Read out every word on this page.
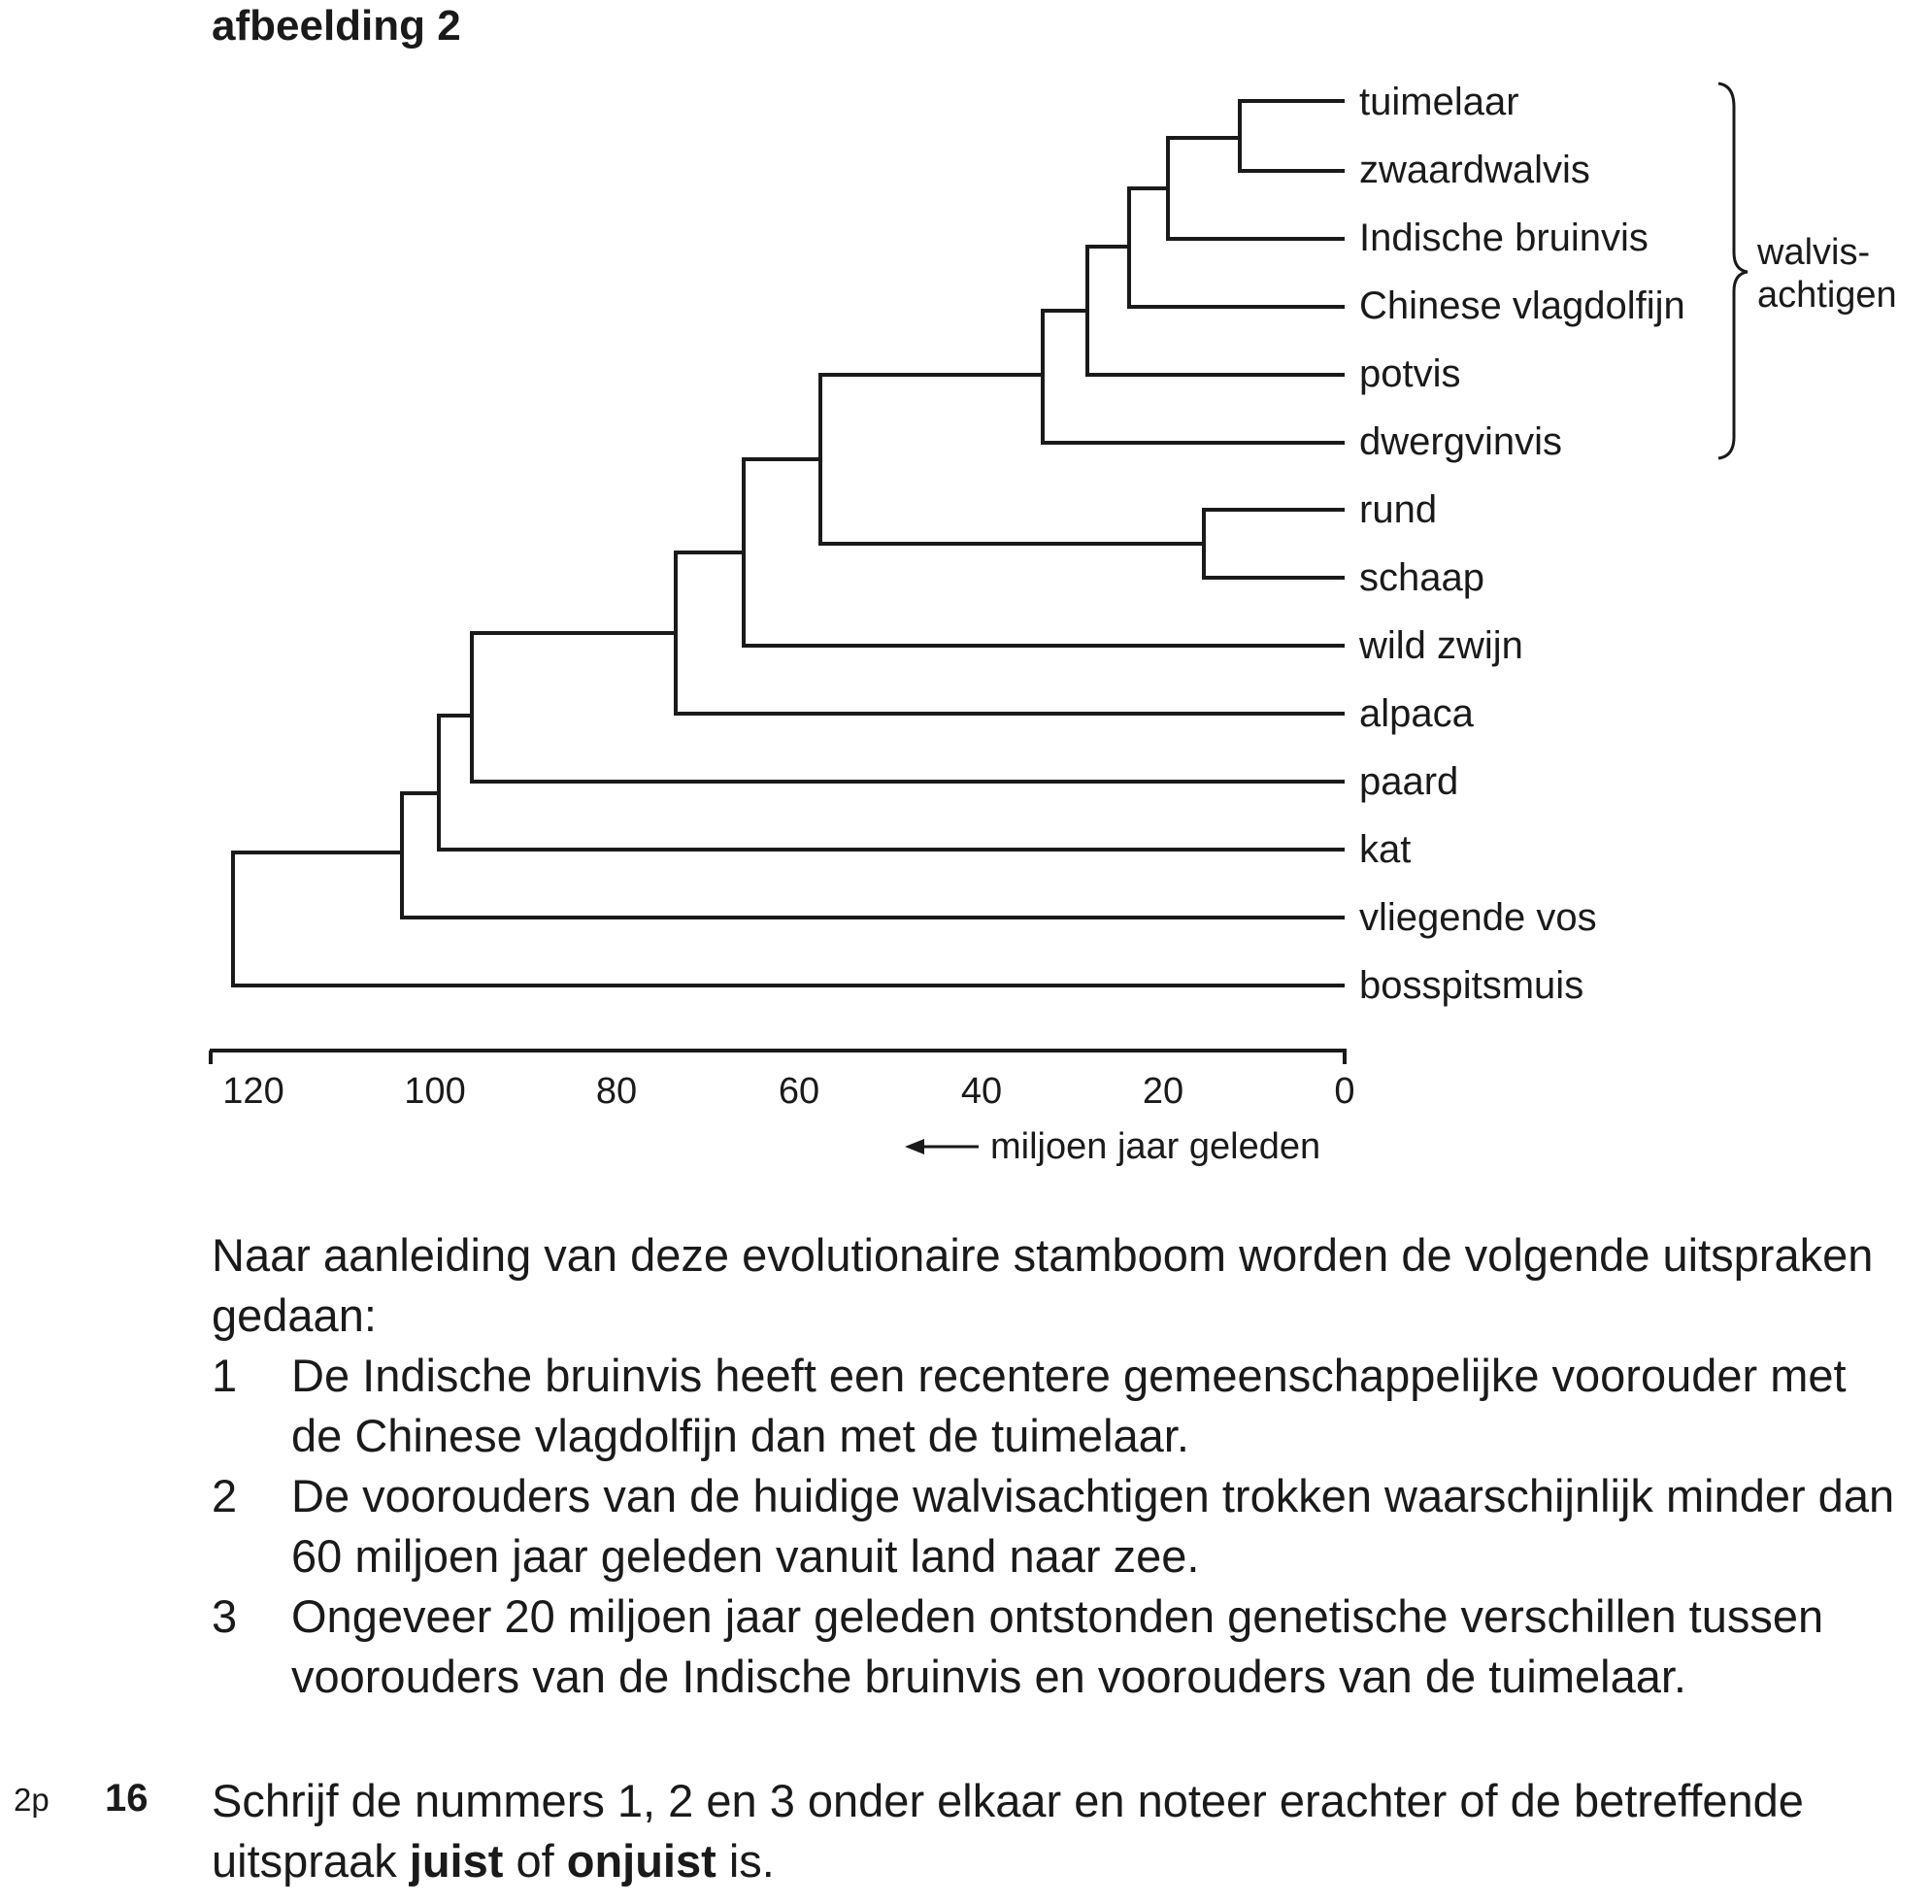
afbeelding 2
tuimelaar
zwaardwalvis
Indische bruinvis
Chinese vlagdolfijn
potvis
dwergvinvis
rund
schaap
wild zwijn
alpaca
paard
kat
vliegende vos
bosspitsmuis
walvis-
achtigen
120	100	80	60	40	20	0
miljoen jaar geleden

Naar aanleiding van deze evolutionaire stamboom worden de volgende uitspraken gedaan:

1 De Indische bruinvis heeft een recentere gemeenschappelijke voorouder met de Chinese vlagdolfijn dan met de tuimelaar.

2 De voorouders van de huidige walvisachtigen trokken waarschijnlijk minder dan 60 miljoen jaar geleden vanuit land naar zee.

3 Ongeveer 20 miljoen jaar geleden ontstonden genetische verschillen tussen voorouders van de Indische bruinvis en voorouders van de tuimelaar.

2p 16 Schrijf de nummers 1, 2 en 3 onder elkaar en noteer erachter of de betreffende uitspraak juist of onjuist is.
